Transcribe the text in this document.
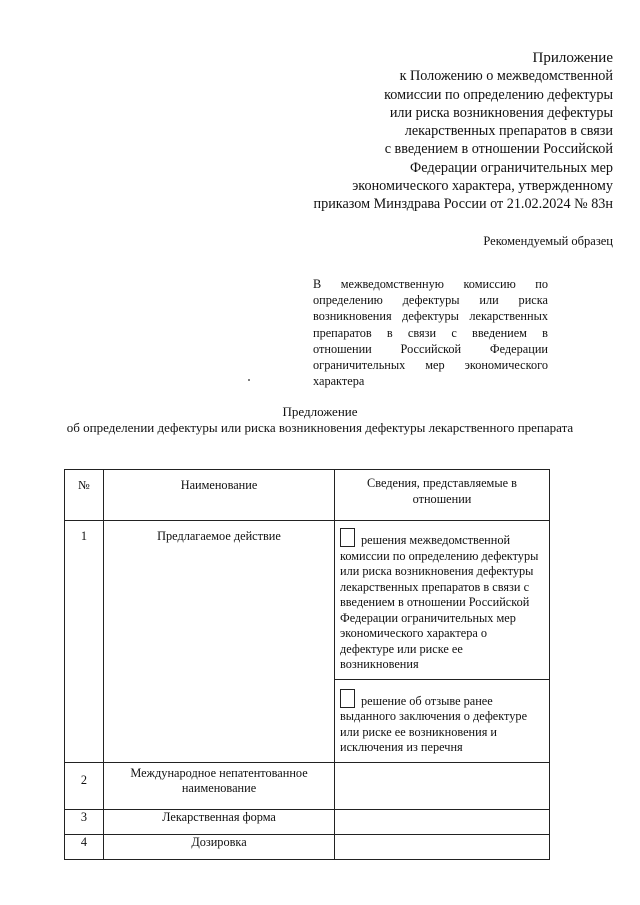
Приложение
к Положению о межведомственной
комиссии по определению дефектуры
или риска возникновения дефектуры
лекарственных препаратов в связи
с введением в отношении Российской
Федерации ограничительных мер
экономического характера, утвержденному
приказом Минздрава России от 21.02.2024 № 83н
Рекомендуемый образец
В межведомственную комиссию по определению дефектуры или риска возникновения дефектуры лекарственных препаратов в связи с введением в отношении Российской Федерации ограничительных мер экономического характера
Предложение
об определении дефектуры или риска возникновения дефектуры лекарственного препарата
№	Наименование	Сведения, представляемые в отношении
1	Предлагаемое действие	решения межведомственной
комиссии по определению дефектуры или риска возникновения дефектуры лекарственных препаратов в связи с введением в отношении Российской Федерации ограничительных мер экономического характера о дефектуре или риске ее возникновения
решение об отзыве ранее
выданного заключения о дефектуре или риске ее возникновения и исключения из перечня

2	Международное непатентованное наименование	
3	Лекарственная форма	
4	Дозировка	
